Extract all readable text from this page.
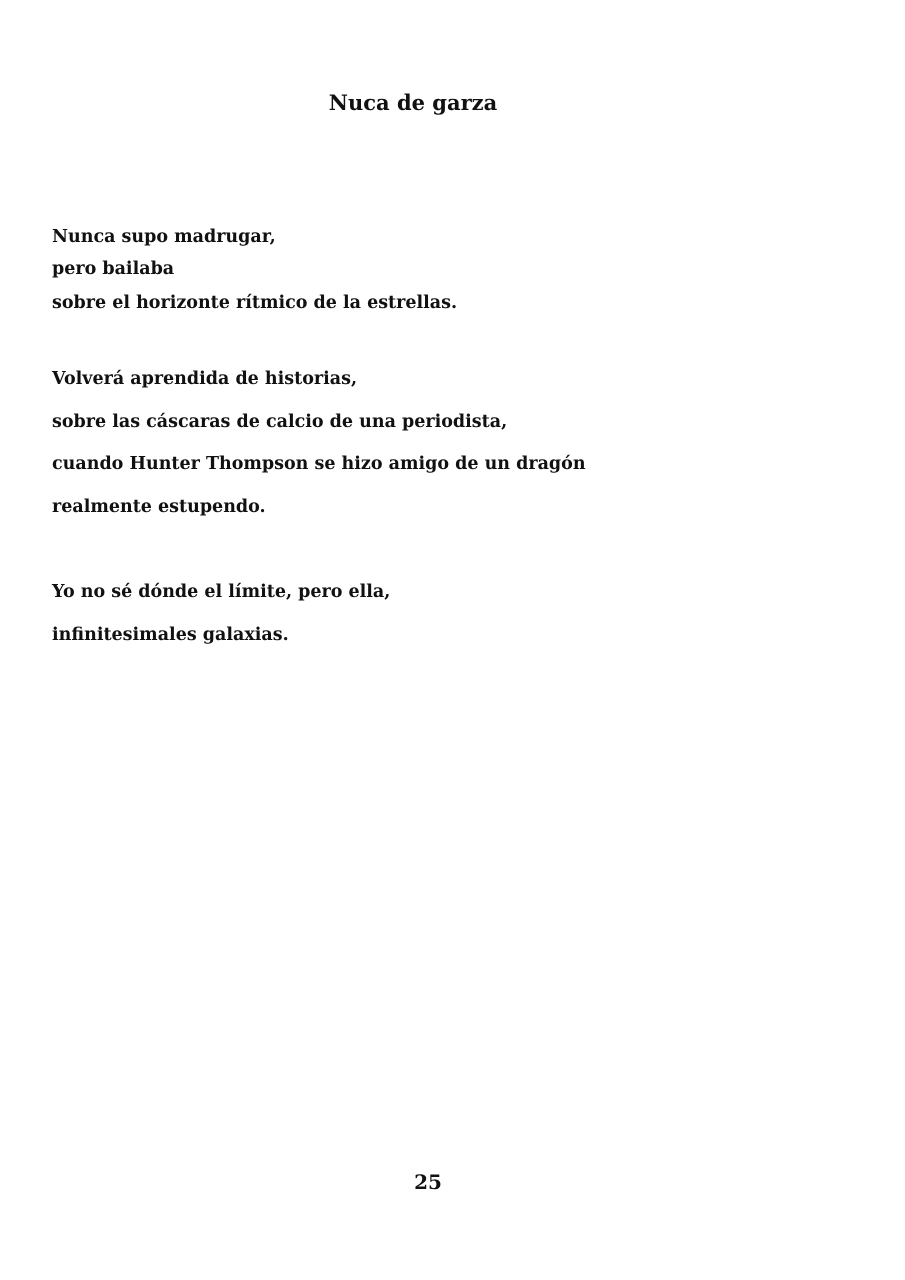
Nuca de garza

Nunca supo madrugar,

pero bailaba

sobre el horizonte rítmico de la estrellas.

Volverá aprendida de historias,

sobre las cáscaras de calcio de una periodista,

cuando Hunter Thompson se hizo amigo de un dragón

realmente estupendo.

Yo no sé dónde el límite, pero ella,

infinitesimales galaxias.

25
